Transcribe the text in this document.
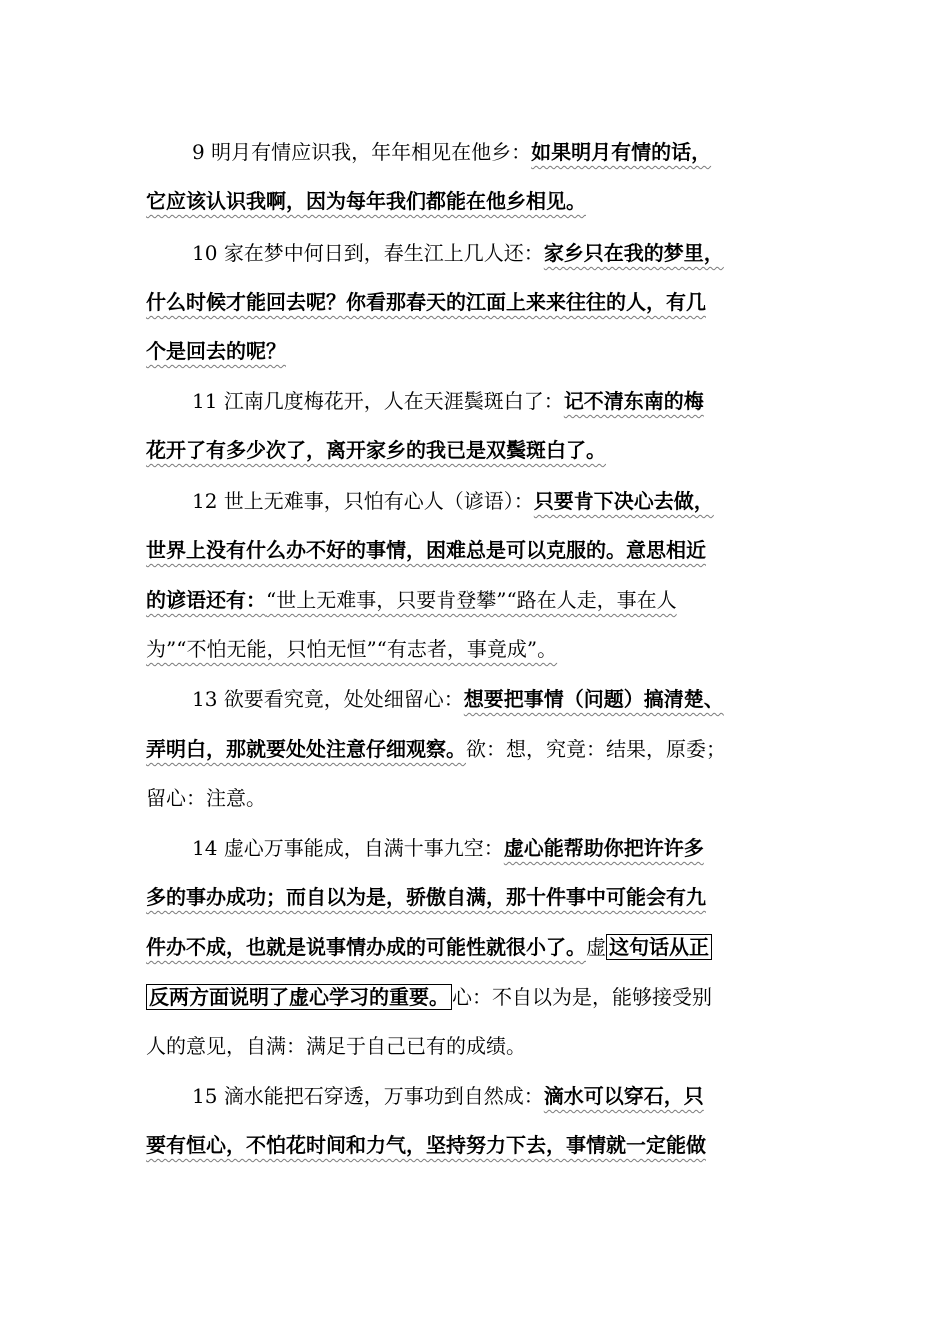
9 明月有情应识我，年年相见在他乡：如果明月有情的话，
它应该认识我啊，因为每年我们都能在他乡相见。
10 家在梦中何日到，春生江上几人还：家乡只在我的梦里，
什么时候才能回去呢？你看那春天的江面上来来往往的人，有几
个是回去的呢？
11 江南几度梅花开，人在天涯鬓斑白了：记不清东南的梅
花开了有多少次了，离开家乡的我已是双鬓斑白了。
12 世上无难事，只怕有心人（谚语）：只要肯下决心去做，
世界上没有什么办不好的事情，困难总是可以克服的。意思相近
的谚语还有：“世上无难事，只要肯登攀”“路在人走，事在人
为”“不怕无能，只怕无恒”“有志者，事竟成”。
13 欲要看究竟，处处细留心：想要把事情（问题）搞清楚、
弄明白，那就要处处注意仔细观察。欲：想，究竟：结果，原委；
留心：注意。
14 虚心万事能成，自满十事九空：虚心能帮助你把许许多
多的事办成功；而自以为是，骄傲自满，那十件事中可能会有九
件办不成，也就是说事情办成的可能性就很小了。虚 这句话从正
反两方面说明了虚心学习的重要。 心：不自以为是，能够接受别
人的意见，自满：满足于自己已有的成绩。
15 滴水能把石穿透，万事功到自然成：滴水可以穿石，只
要有恒心，不怕花时间和力气，坚持努力下去，事情就一定能做
